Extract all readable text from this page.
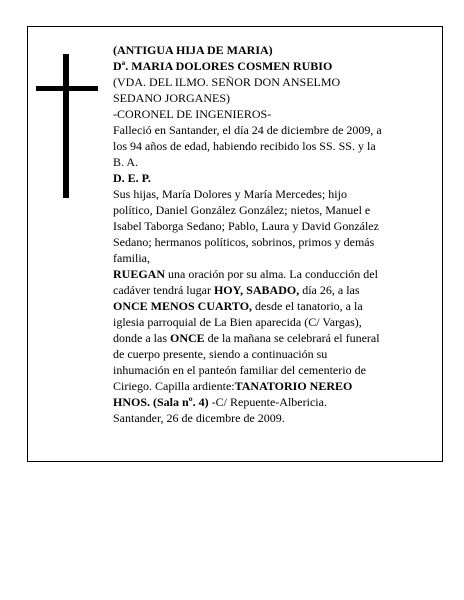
(ANTIGUA HIJA DE MARIA)
Dª. MARIA DOLORES COSMEN RUBIO
(VDA. DEL ILMO. SEÑOR DON ANSELMO
SEDANO JORGANES)
-CORONEL DE INGENIEROS-
Falleció en Santander, el día 24 de diciembre de 2009, a
los 94 años de edad, habiendo recibido los SS. SS. y la
B. A.
D. E. P.
Sus hijas, María Dolores y María Mercedes; hijo
político, Daniel González González; nietos, Manuel e
Isabel Taborga Sedano; Pablo, Laura y David González
Sedano; hermanos políticos, sobrinos, primos y demás
familia,
RUEGAN una oración por su alma. La conducción del
cadáver tendrá lugar HOY, SABADO, día 26, a las
ONCE MENOS CUARTO, desde el tanatorio, a la
iglesia parroquial de La Bien aparecida (C/ Vargas),
donde a las ONCE de la mañana se celebrará el funeral
de cuerpo presente, siendo a continuación su
inhumación en el panteón familiar del cementerio de
Ciriego. Capilla ardiente:TANATORIO NEREO
HNOS. (Sala nº. 4) -C/ Repuente-Albericia.
Santander, 26 de dicembre de 2009.
